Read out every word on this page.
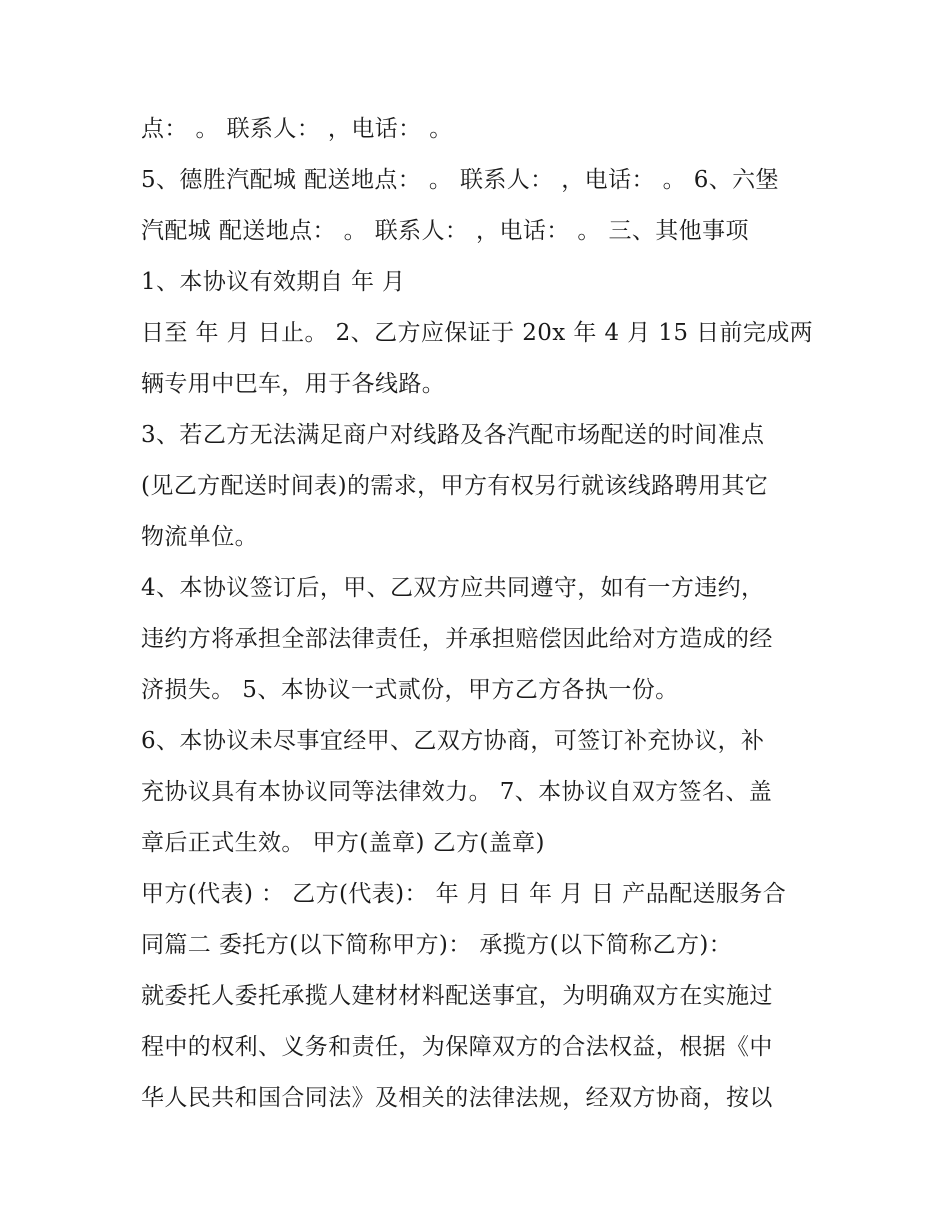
点： 。 联系人： ，电话： 。
5、德胜汽配城 配送地点： 。 联系人： ，电话： 。 6、六堡
汽配城 配送地点： 。 联系人： ，电话： 。 三、其他事项
1、本协议有效期自 年 月
日至 年 月 日止。 2、乙方应保证于 20x 年 4 月 15 日前完成两
辆专用中巴车，用于各线路。
3、若乙方无法满足商户对线路及各汽配市场配送的时间准点
(见乙方配送时间表)的需求，甲方有权另行就该线路聘用其它
物流单位。
4、本协议签订后，甲、乙双方应共同遵守，如有一方违约，
违约方将承担全部法律责任，并承担赔偿因此给对方造成的经
济损失。 5、本协议一式贰份，甲方乙方各执一份。
6、本协议未尽事宜经甲、乙双方协商，可签订补充协议，补
充协议具有本协议同等法律效力。 7、本协议自双方签名、盖
章后正式生效。 甲方(盖章) 乙方(盖章)
甲方(代表) ： 乙方(代表)： 年 月 日 年 月 日 产品配送服务合
同篇二 委托方(以下简称甲方)： 承揽方(以下简称乙方)：
就委托人委托承揽人建材材料配送事宜，为明确双方在实施过
程中的权利、义务和责任，为保障双方的合法权益，根据《中
华人民共和国合同法》及相关的法律法规，经双方协商，按以
